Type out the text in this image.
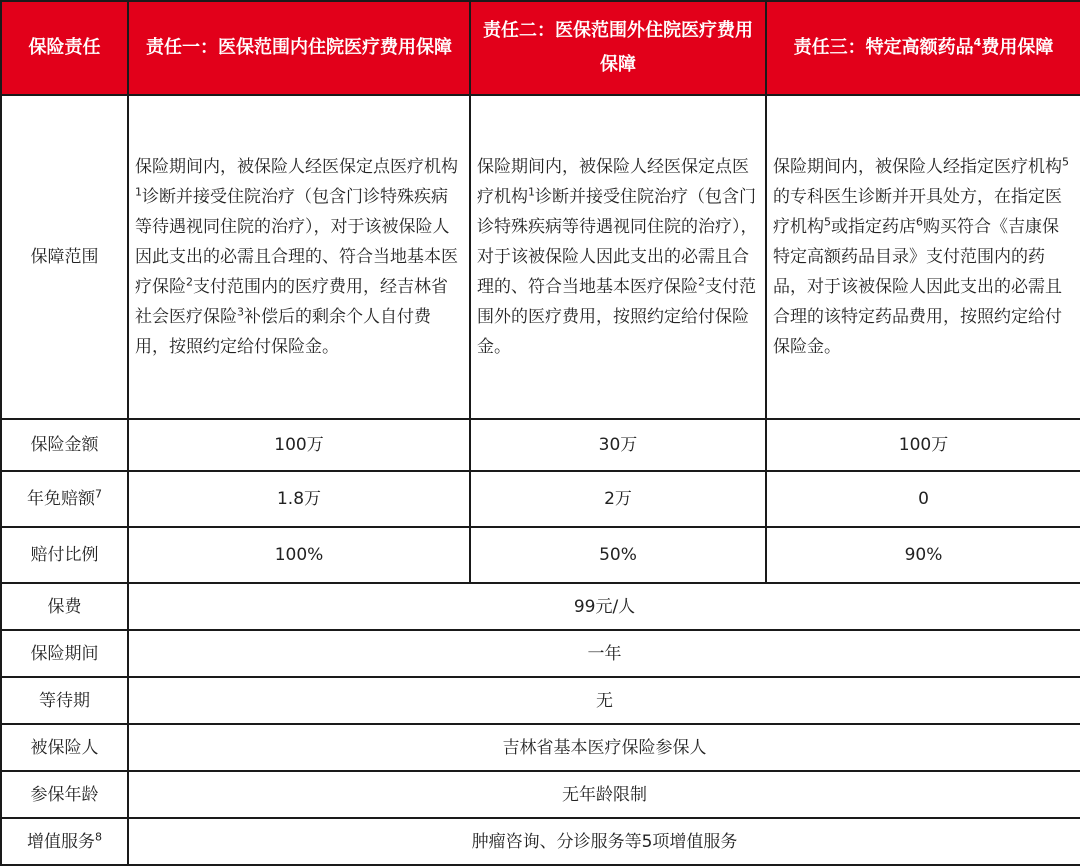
保险责任	责任一：医保范围内住院医疗费用保障	责任二：医保范围外住院医疗费用保障	责任三：特定高额药品$^4$费用保障
保障范围	保险期间内，被保险人经医保定点医疗机构$^1$诊断并接受住院治疗（包含门诊特殊疾病等待遇视同住院的治疗），对于该被保险人因此支出的必需且合理的、符合当地基本医疗保险$^2$支付范围内的医疗费用，经吉林省社会医疗保险$^3$补偿后的剩余个人自付费用，按照约定给付保险金。	保险期间内，被保险人经医保定点医疗机构$^1$诊断并接受住院治疗（包含门诊特殊疾病等待遇视同住院的治疗），对于该被保险人因此支出的必需且合理的、符合当地基本医疗保险$^2$支付范围外的医疗费用，按照约定给付保险金。	保险期间内，被保险人经指定医疗机构$^5$的专科医生诊断并开具处方，在指定医疗机构$^5$或指定药店$^6$购买符合《吉康保特定高额药品目录》支付范围内的药品，对于该被保险人因此支出的必需且合理的该特定药品费用，按照约定给付保险金。
保险金额	100万	30万	100万
年免赔额$^7$	1.8万	2万	0
赔付比例	100%	50%	90%
保费	99元/人		
保险期间	一年		
等待期	无		
被保险人	吉林省基本医疗保险参保人		
参保年龄	无年龄限制		
增值服务$^8$	肿瘤咨询、分诊服务等5项增值服务		
